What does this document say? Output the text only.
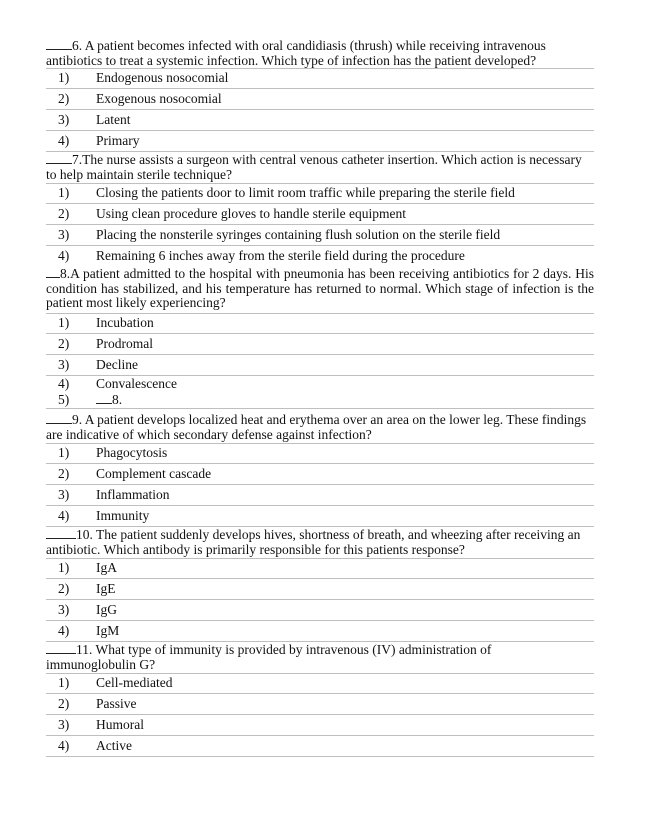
6. A patient becomes infected with oral candidiasis (thrush) while receiving intravenous antibiotics to treat a systemic infection. Which type of infection has the patient developed?
1) Endogenous nosocomial
2) Exogenous nosocomial
3) Latent
4) Primary
7.The nurse assists a surgeon with central venous catheter insertion. Which action is necessary to help maintain sterile technique?
1) Closing the patients door to limit room traffic while preparing the sterile field
2) Using clean procedure gloves to handle sterile equipment
3) Placing the nonsterile syringes containing flush solution on the sterile field
4) Remaining 6 inches away from the sterile field during the procedure
8.A patient admitted to the hospital with pneumonia has been receiving antibiotics for 2 days. His condition has stabilized, and his temperature has returned to normal. Which stage of infection is the patient most likely experiencing?
1) Incubation
2) Prodromal
3) Decline
4) Convalescence
5)	8.
9. A patient develops localized heat and erythema over an area on the lower leg. These findings are indicative of which secondary defense against infection?
1) Phagocytosis
2) Complement cascade
3) Inflammation
4) Immunity
10. The patient suddenly develops hives, shortness of breath, and wheezing after receiving an antibiotic. Which antibody is primarily responsible for this patients response?
1) IgA
2) IgE
3) IgG
4) IgM
11. What type of immunity is provided by intravenous (IV) administration of immunoglobulin G?
1) Cell-mediated
2) Passive
3) Humoral
4) Active
